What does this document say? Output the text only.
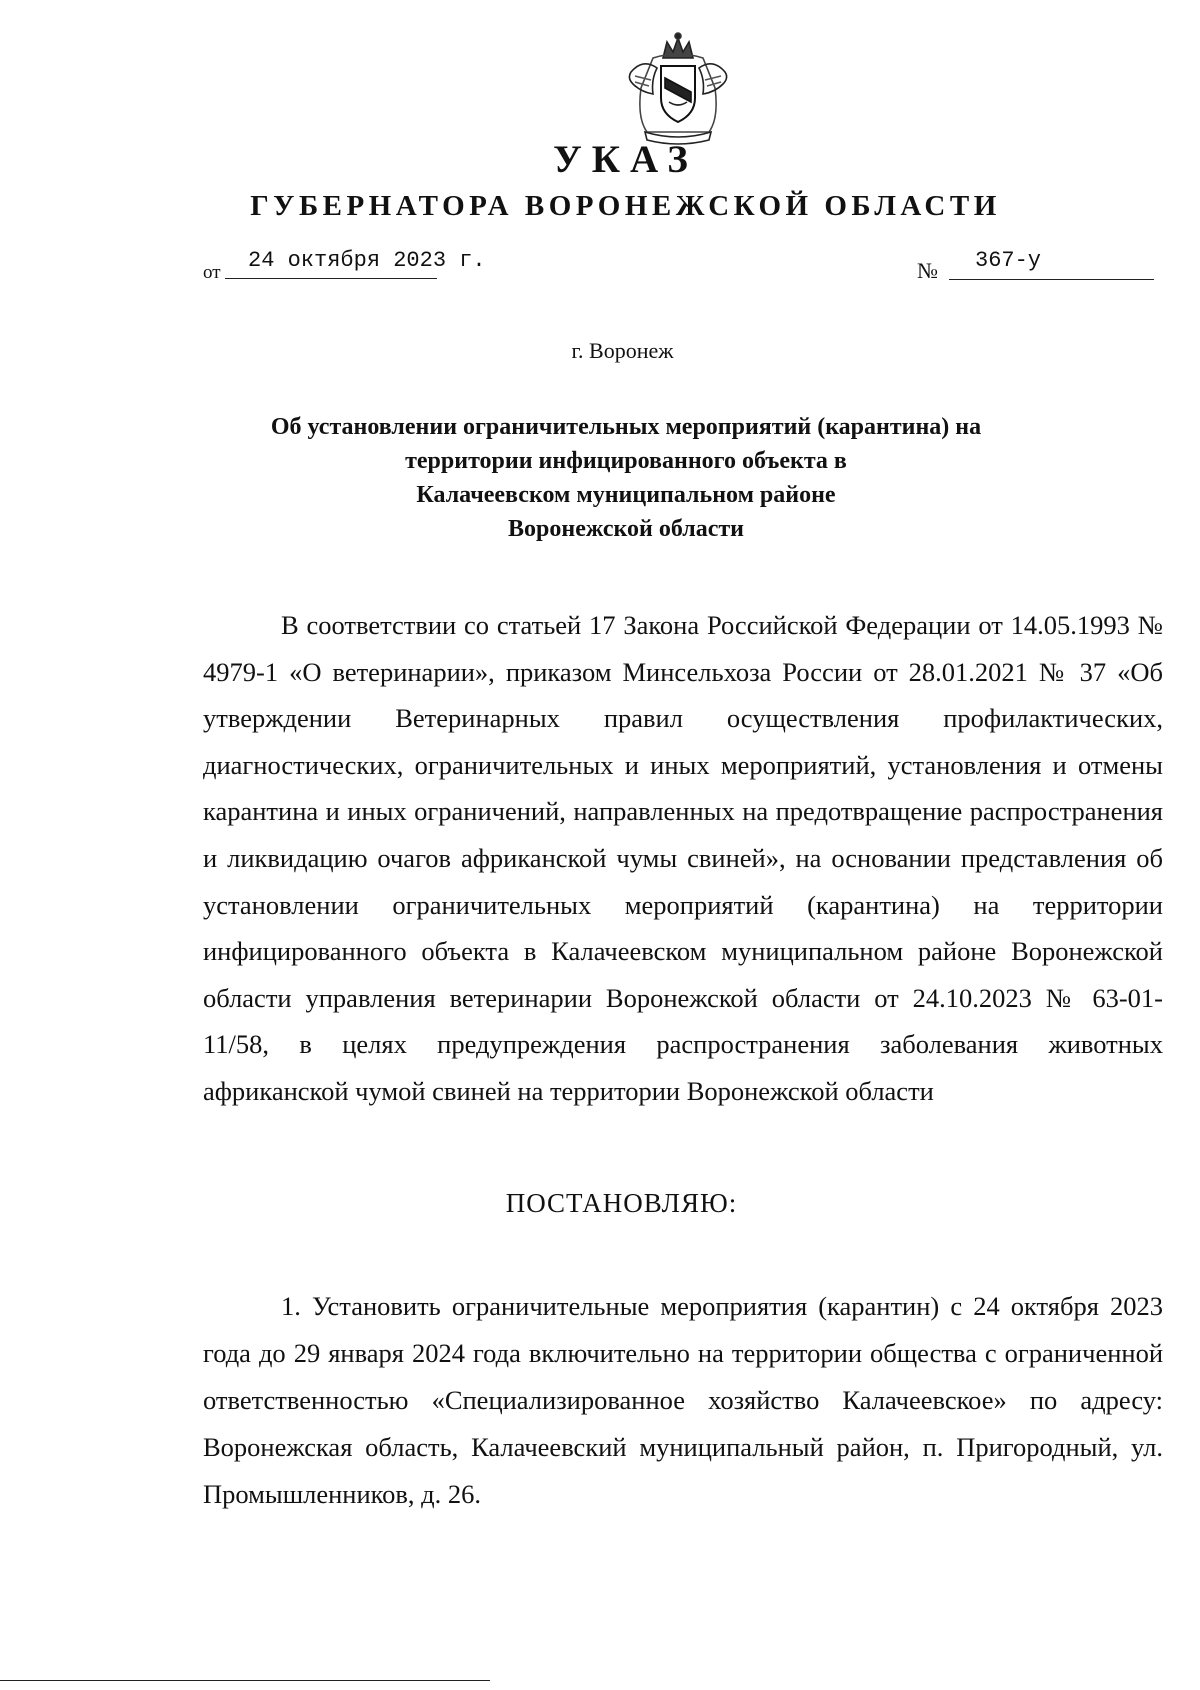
УКАЗ
ГУБЕРНАТОРА ВОРОНЕЖСКОЙ ОБЛАСТИ
от 24 октября 2023 г.	№ 367-у
г. Воронеж

Об установлении ограничительных мероприятий (карантина) на
территории инфицированного объекта в
Калачеевском муниципальном районе
Воронежской области

В соответствии со статьей 17 Закона Российской Федерации от 14.05.1993 № 4979-1 «О ветеринарии», приказом Минсельхоза России от 28.01.2021 № 37 «Об утверждении Ветеринарных правил осуществления профилактических, диагностических, ограничительных и иных мероприятий, установления и отмены карантина и иных ограничений, направленных на предотвращение распространения и ликвидацию очагов африканской чумы свиней», на основании представления об установлении ограничительных мероприятий (карантина) на территории инфицированного объекта в Калачеевском муниципальном районе Воронежской области управления ветеринарии Воронежской области от 24.10.2023 № 63-01-11/58, в целях предупреждения распространения заболевания животных африканской чумой свиней на территории Воронежской области

ПОСТАНОВЛЯЮ:

1. Установить ограничительные мероприятия (карантин) с 24 октября 2023 года до 29 января 2024 года включительно на территории общества с ограниченной ответственностью «Специализированное хозяйство Калачеевское» по адресу: Воронежская область, Калачеевский муниципальный район, п. Пригородный, ул. Промышленников, д. 26.
